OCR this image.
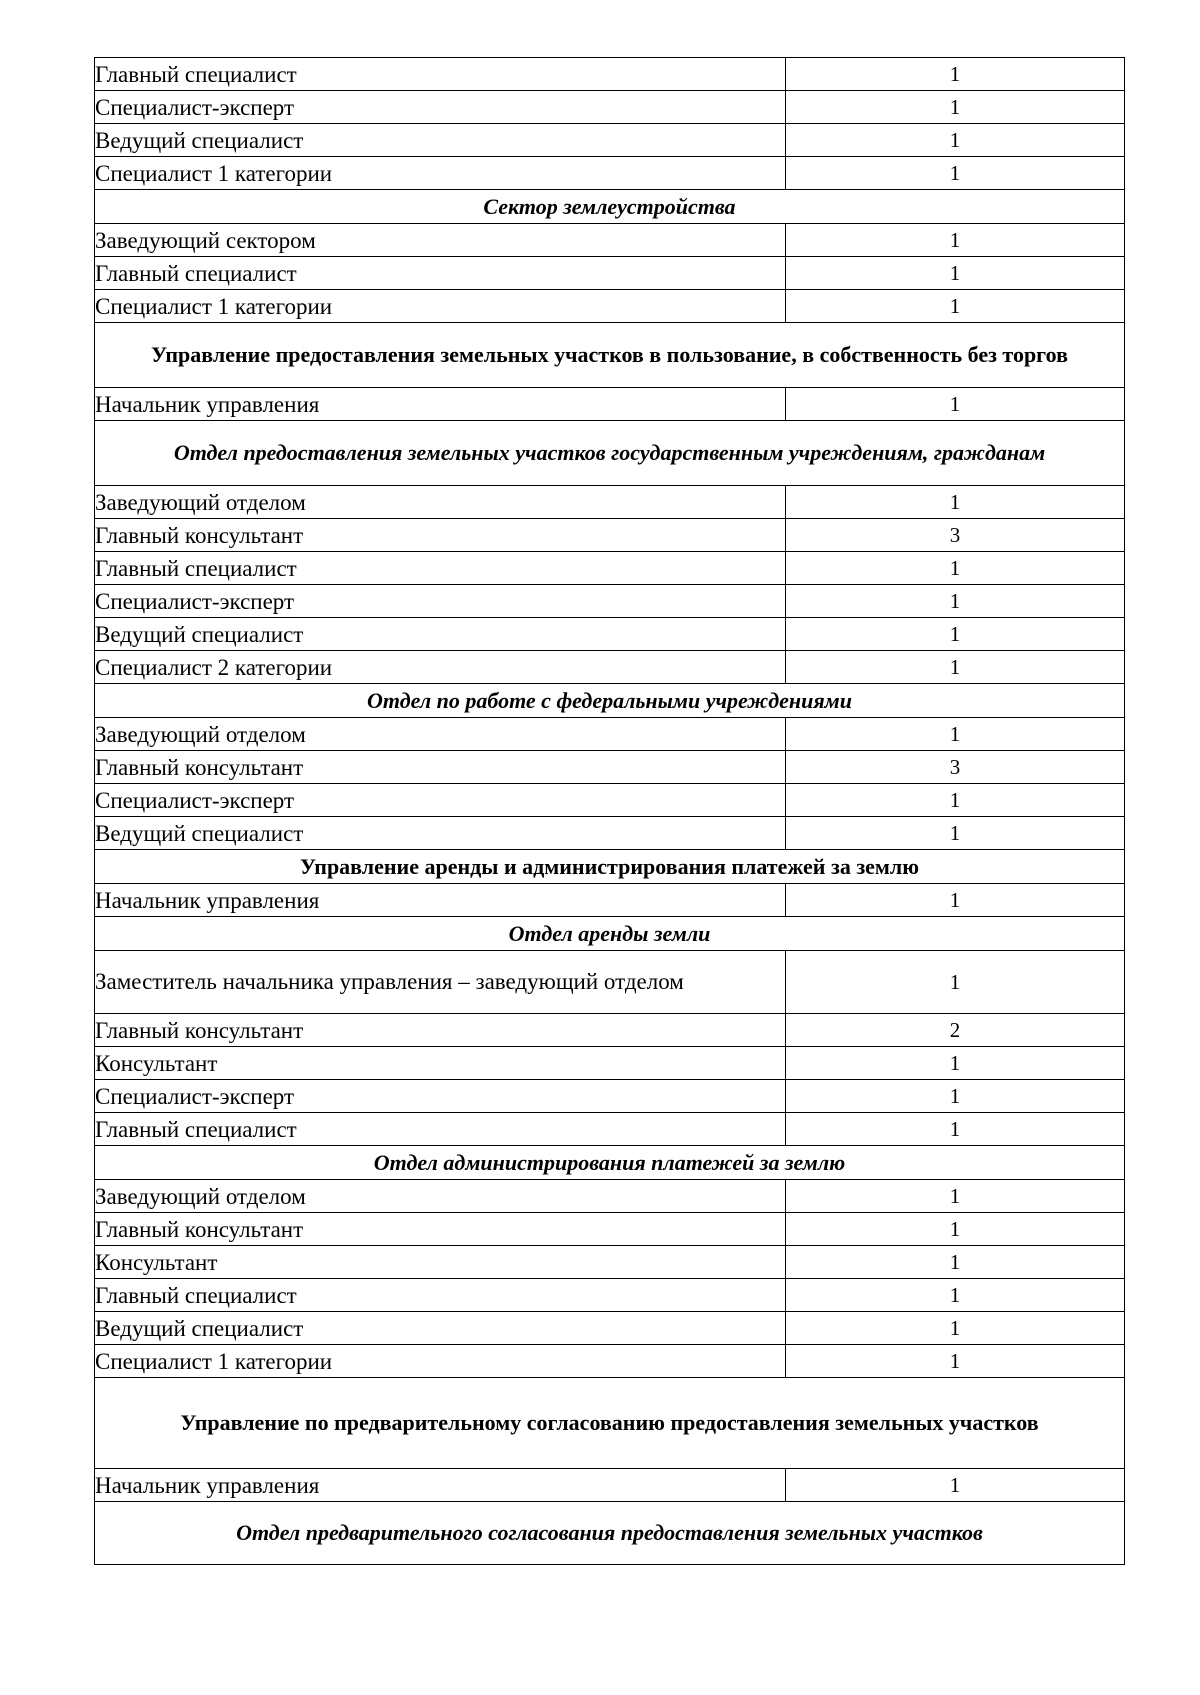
Главный специалист	1
Специалист-эксперт	1
Ведущий специалист	1
Специалист 1 категории	1
Сектор землеустройства	
Заведующий сектором	1
Главный специалист	1
Специалист 1 категории	1
Управление предоставления земельных участков в пользование, в собственность без торгов	
Начальник управления	1
Отдел предоставления земельных участков государственным учреждениям, гражданам	
Заведующий отделом	1
Главный консультант	3
Главный специалист	1
Специалист-эксперт	1
Ведущий специалист	1
Специалист 2 категории	1
Отдел по работе с федеральными учреждениями	
Заведующий отделом	1
Главный консультант	3
Специалист-эксперт	1
Ведущий специалист	1
Управление аренды и администрирования платежей за землю	
Начальник управления	1
Отдел аренды земли	
Заместитель начальника управления – заведующий отделом	1
Главный консультант	2
Консультант	1
Специалист-эксперт	1
Главный специалист	1
Отдел администрирования платежей за землю	
Заведующий отделом	1
Главный консультант	1
Консультант	1
Главный специалист	1
Ведущий специалист	1
Специалист 1 категории	1
Управление по предварительному согласованию предоставления земельных участков	
Начальник управления	1
Отдел предварительного согласования предоставления земельных участков	
